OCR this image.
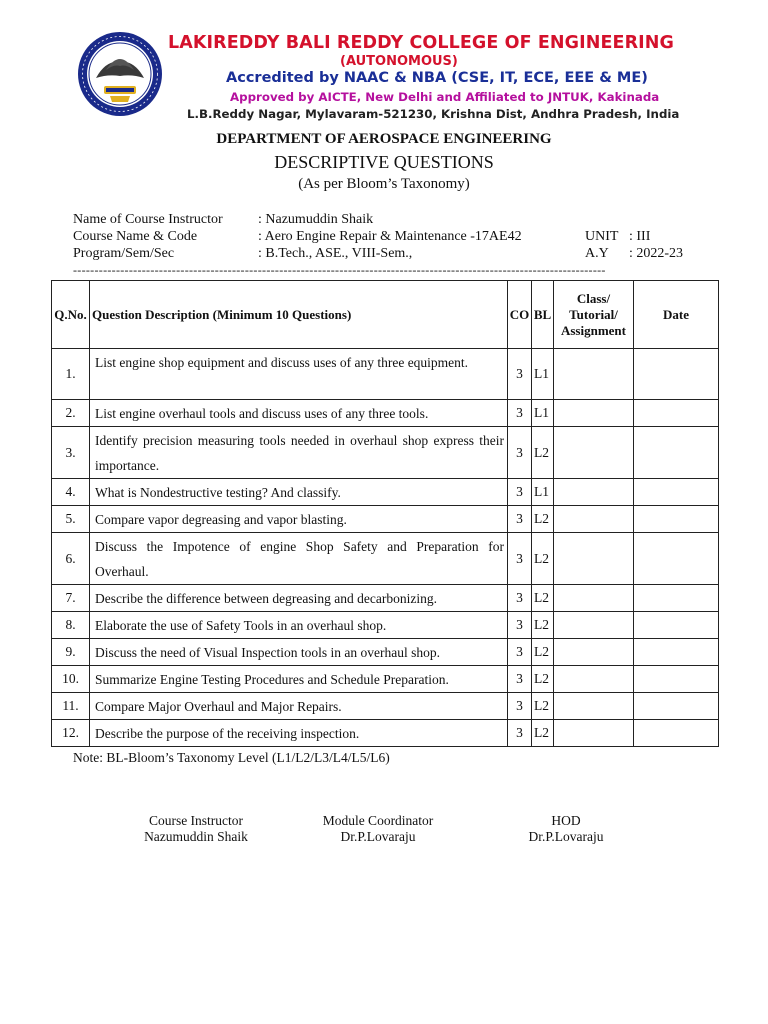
LAKIREDDY BALI REDDY COLLEGE OF ENGINEERING

(AUTONOMOUS)

Accredited by NAAC & NBA (CSE, IT, ECE, EEE & ME)

Approved by AICTE, New Delhi and Affiliated to JNTUK, Kakinada

L.B.Reddy Nagar, Mylavaram-521230, Krishna Dist, Andhra Pradesh, India

DEPARTMENT OF AEROSPACE ENGINEERING

DESCRIPTIVE QUESTIONS

(As per Bloom’s Taxonomy)

Name of Course Instructor	: Nazumuddin Shaik
Course Name & Code	: Aero Engine Repair & Maintenance -17AE42	UNIT : III
Program/Sem/Sec	: B.Tech., ASE., VIII-Sem.,	A.Y : 2022-23
----------------------------------------------------------------------------------------------------------------------------
Q.No.	Question Description (Minimum 10 Questions)	CO	BL	Class/
Tutorial/
Assignment	Date
1.	List engine shop equipment and discuss uses of any three equipment.	3	L1		
2.	List engine overhaul tools and discuss uses of any three tools.	3	L1		
3.	Identify precision measuring tools needed in overhaul shop express their importance.	3	L2		
4.	What is Nondestructive testing? And classify.	3	L1		
5.	Compare vapor degreasing and vapor blasting.	3	L2		
6.	Discuss the Impotence of engine Shop Safety and Preparation for Overhaul.	3	L2		
7.	Describe the difference between degreasing and decarbonizing.	3	L2		
8.	Elaborate the use of Safety Tools in an overhaul shop.	3	L2		
9.	Discuss the need of Visual Inspection tools in an overhaul shop.	3	L2		
10.	Summarize Engine Testing Procedures and Schedule Preparation.	3	L2		
11.	Compare Major Overhaul and Major Repairs.	3	L2		
12.	Describe the purpose of the receiving inspection.	3	L2		
Note: BL-Bloom’s Taxonomy Level (L1/L2/L3/L4/L5/L6)
Course Instructor
Nazumuddin Shaik
Module Coordinator
Dr.P.Lovaraju
HOD
Dr.P.Lovaraju
